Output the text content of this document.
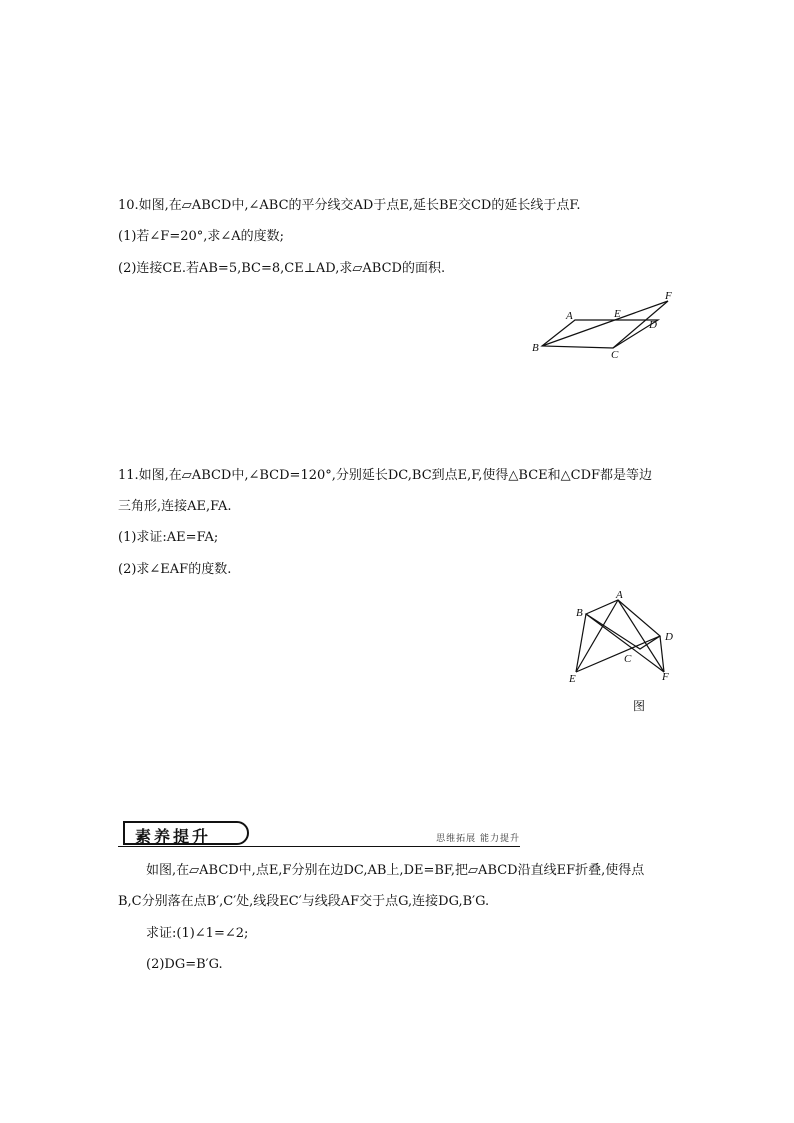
10.如图,在▱ABCD中,∠ABC的平分线交AD于点E,延长BE交CD的延长线于点F.
(1)若∠F=20°,求∠A的度数;
(2)连接CE.若AB=5,BC=8,CE⊥AD,求▱ABCD的面积.
A
B
C
D
E
F
11.如图,在▱ABCD中,∠BCD=120°,分别延长DC,BC到点E,F,使得△BCE和△CDF都是等边
三角形,连接AE,FA.
(1)求证:AE=FA;
(2)求∠EAF的度数.
A
B
C
D
E	F
图
素养提升	思维拓展 能力提升
如图,在▱ABCD中,点E,F分别在边DC,AB上,DE=BF,把▱ABCD沿直线EF折叠,使得点
B,C分别落在点B′,C′处,线段EC′与线段AF交于点G,连接DG,B′G.
求证:(1)∠1=∠2;
(2)DG=B′G.
